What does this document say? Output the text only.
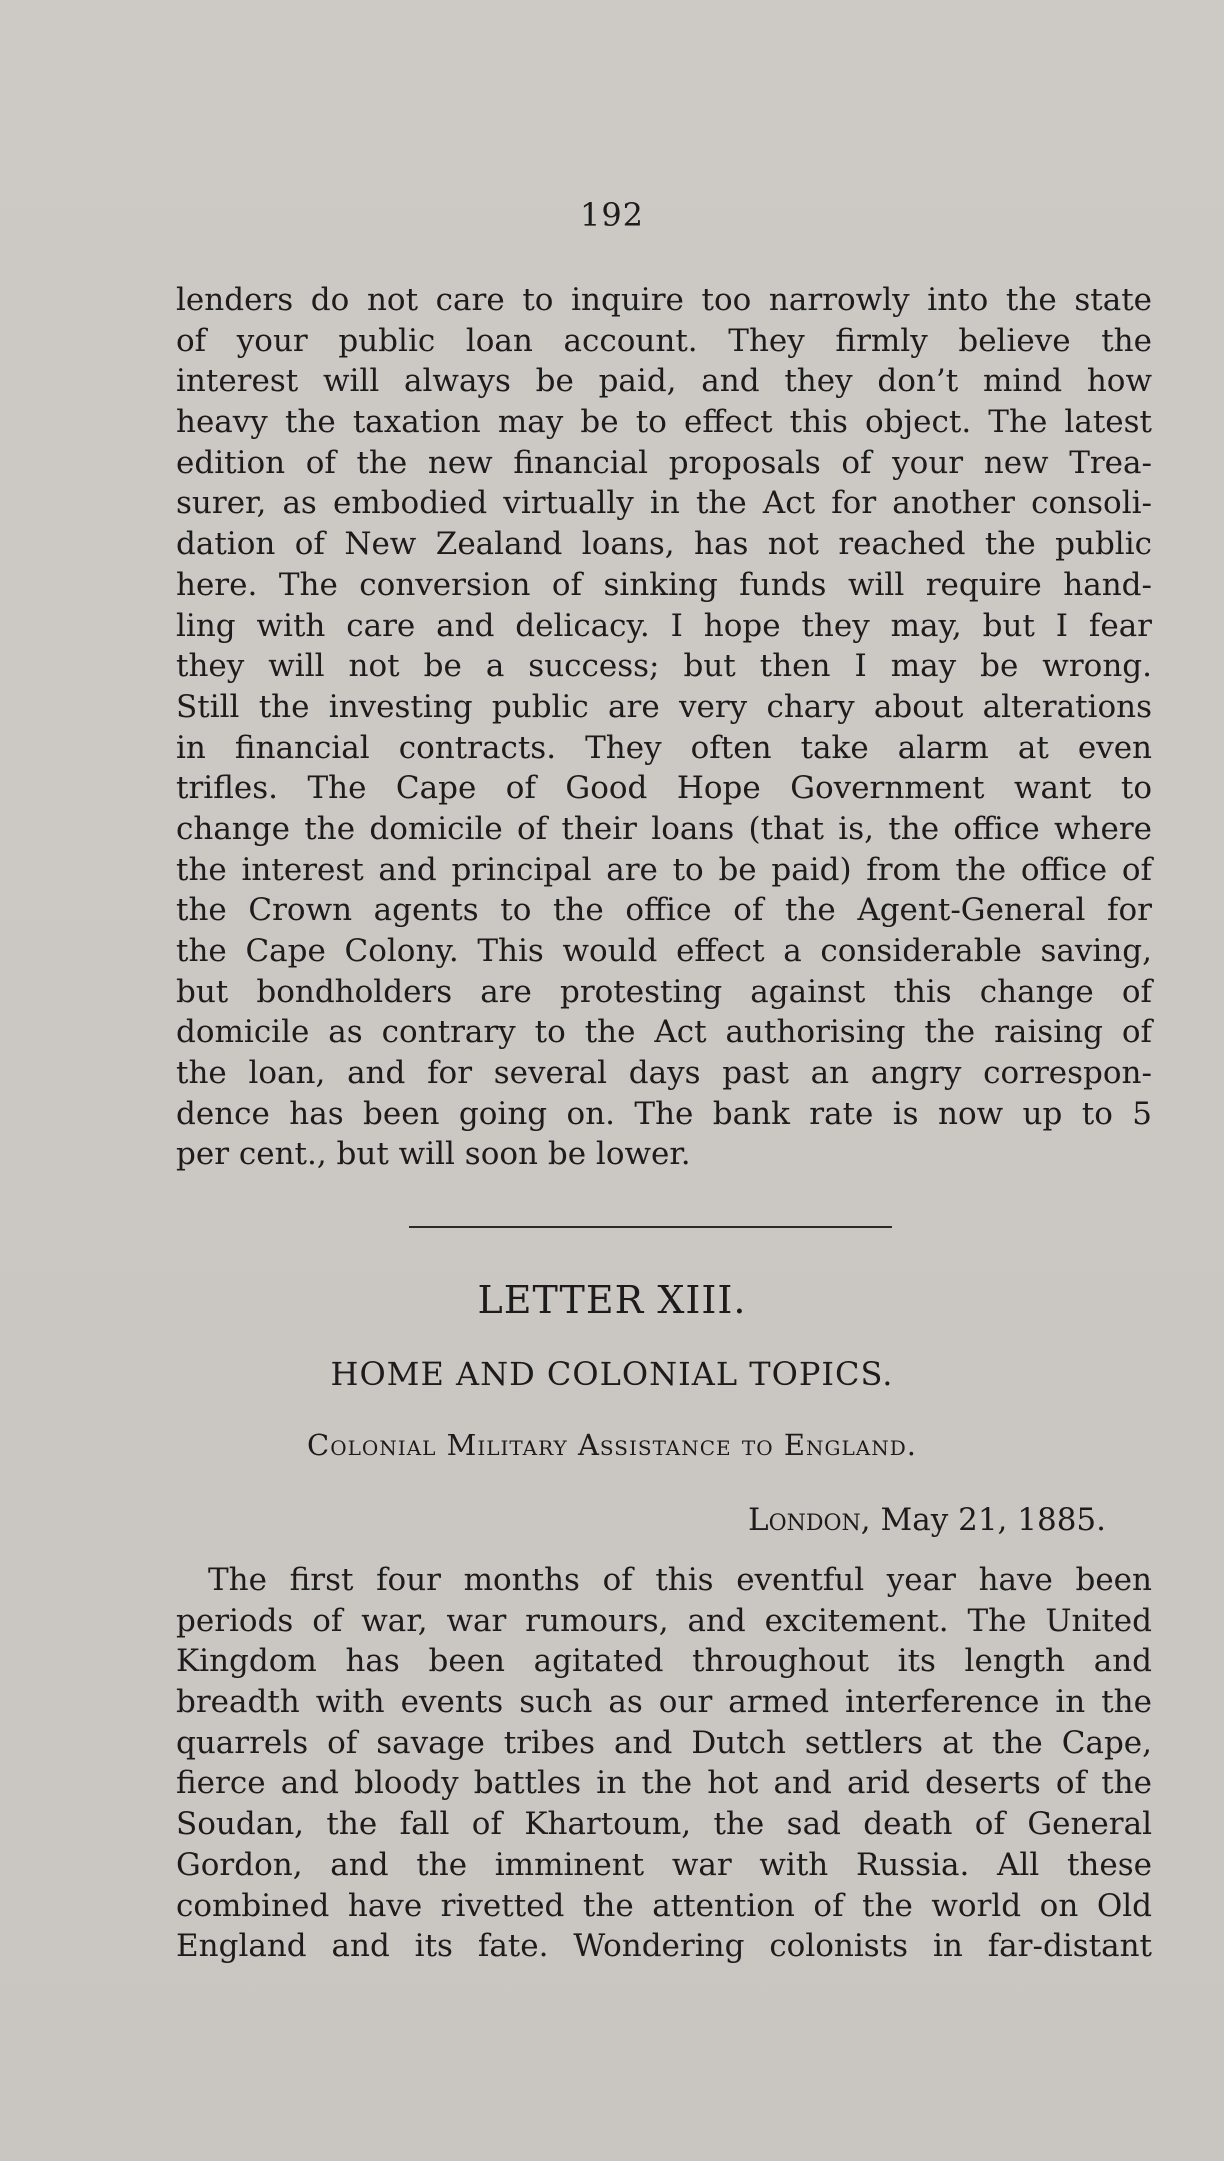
192
lenders do not care to inquire too narrowly into the state
of your public loan account. They firmly believe the
interest will always be paid, and they don’t mind how
heavy the taxation may be to effect this object. The latest
edition of the new financial proposals of your new Trea-
surer, as embodied virtually in the Act for another consoli-
dation of New Zealand loans, has not reached the public
here. The conversion of sinking funds will require hand-
ling with care and delicacy. I hope they may, but I fear
they will not be a success; but then I may be wrong.
Still the investing public are very chary about alterations
in financial contracts. They often take alarm at even
trifles. The Cape of Good Hope Government want to
change the domicile of their loans (that is, the office where
the interest and principal are to be paid) from the office of
the Crown agents to the office of the Agent-General for
the Cape Colony. This would effect a considerable saving,
but bondholders are protesting against this change of
domicile as contrary to the Act authorising the raising of
the loan, and for several days past an angry correspon-
dence has been going on. The bank rate is now up to 5
per cent., but will soon be lower.
LETTER XIII.
HOME AND COLONIAL TOPICS.
Colonial Military Assistance to England.
London, May 21, 1885.
The first four months of this eventful year have been
periods of war, war rumours, and excitement. The United
Kingdom has been agitated throughout its length and
breadth with events such as our armed interference in the
quarrels of savage tribes and Dutch settlers at the Cape,
fierce and bloody battles in the hot and arid deserts of the
Soudan, the fall of Khartoum, the sad death of General
Gordon, and the imminent war with Russia. All these
combined have rivetted the attention of the world on Old
England and its fate. Wondering colonists in far-distant
